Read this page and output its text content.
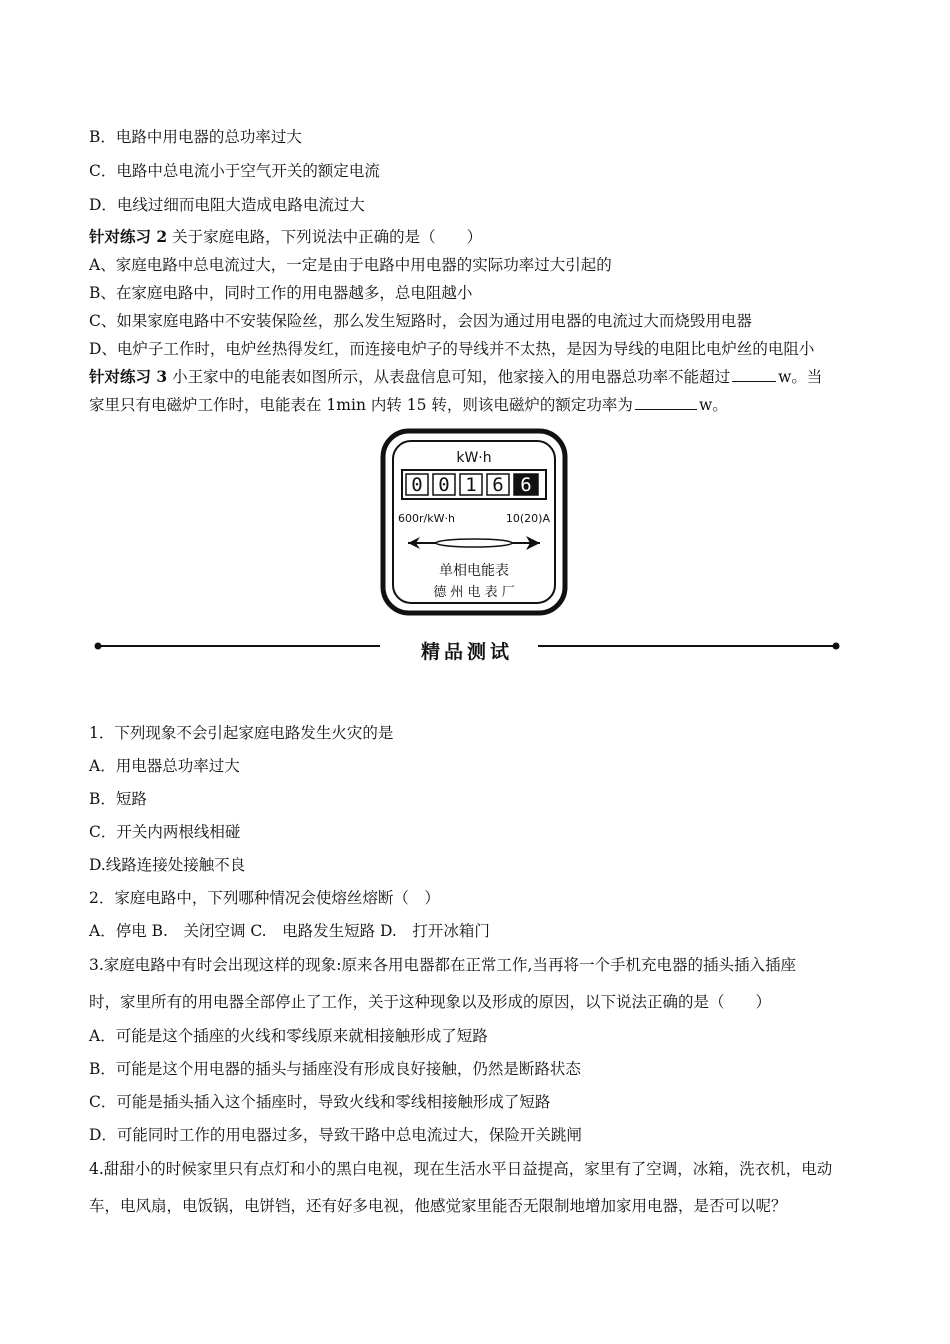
B．电路中用电器的总功率过大
C．电路中总电流小于空气开关的额定电流
D．电线过细而电阻大造成电路电流过大
针对练习 2 关于家庭电路，下列说法中正确的是（　　）
A、家庭电路中总电流过大，一定是由于电路中用电器的实际功率过大引起的
B、在家庭电路中，同时工作的用电器越多，总电阻越小
C、如果家庭电路中不安装保险丝，那么发生短路时，会因为通过用电器的电流过大而烧毁用电器
D、电炉子工作时，电炉丝热得发红，而连接电炉子的导线并不太热，是因为导线的电阻比电炉丝的电阻小
针对练习 3 小王家中的电能表如图所示，从表盘信息可知，他家接入的用电器总功率不能超过	w。当
家里只有电磁炉工作时，电能表在 1min 内转 15 转，则该电磁炉的额定功率为	w。
kW·h
0 0 1 6 6
600r/kW·h	10(20)A
单相电能表
德 州 电 表 厂
精品测试
1．下列现象不会引起家庭电路发生火灾的是
A．用电器总功率过大
B．短路
C．开关内两根线相碰
D.线路连接处接触不良
2．家庭电路中，下列哪种情况会使熔丝熔断（　）
A．停电 B.　关闭空调 C.　电路发生短路 D.　打开冰箱门
3.家庭电路中有时会出现这样的现象:原来各用电器都在正常工作,当再将一个手机充电器的插头插入插座
时，家里所有的用电器全部停止了工作，关于这种现象以及形成的原因，以下说法正确的是（　　）
A．可能是这个插座的火线和零线原来就相接触形成了短路
B．可能是这个用电器的插头与插座没有形成良好接触，仍然是断路状态
C．可能是插头插入这个插座时，导致火线和零线相接触形成了短路
D．可能同时工作的用电器过多，导致干路中总电流过大，保险开关跳闸
4.甜甜小的时候家里只有点灯和小的黑白电视，现在生活水平日益提高，家里有了空调，冰箱，洗衣机，电动
车，电风扇，电饭锅，电饼铛，还有好多电视，他感觉家里能否无限制地增加家用电器，是否可以呢？
